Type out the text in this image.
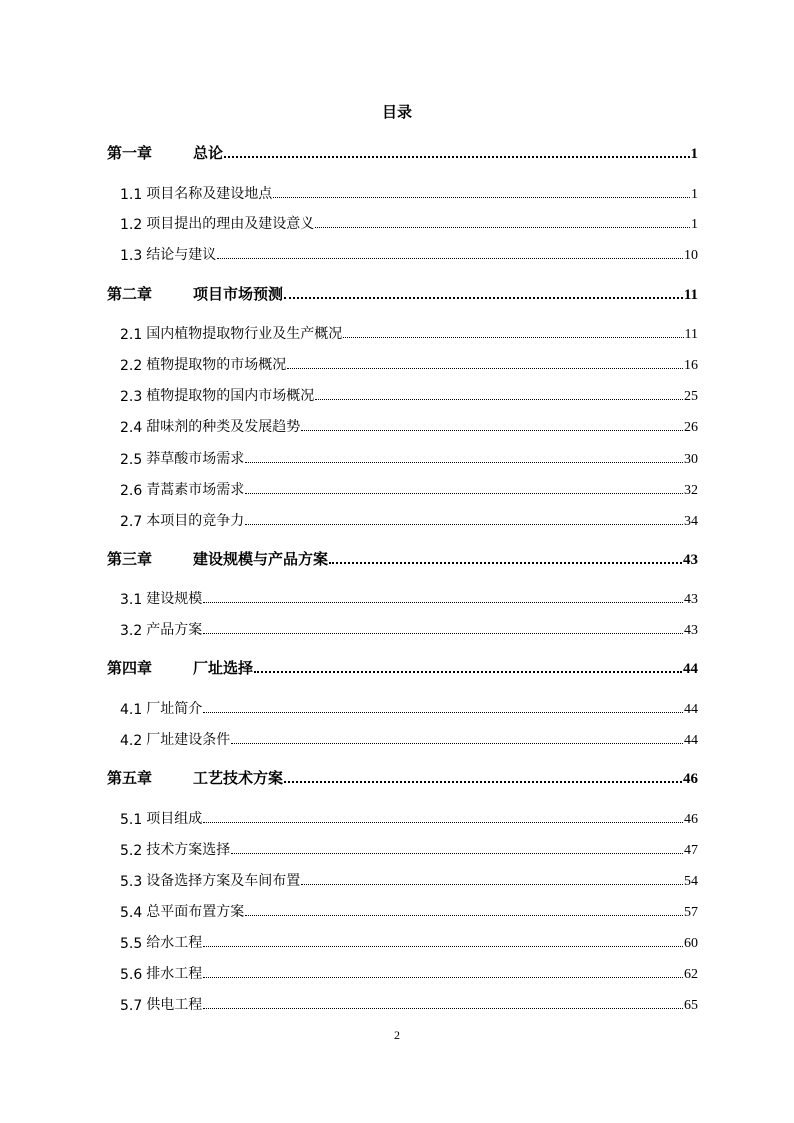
目录
第一章	总论	1
1.1 项目名称及建设地点	1
1.2 项目提出的理由及建设意义	1
1.3 结论与建议	10
第二章	项目市场预测	11
2.1 国内植物提取物行业及生产概况	11
2.2 植物提取物的市场概况	16
2.3 植物提取物的国内市场概况	25
2.4 甜味剂的种类及发展趋势	26
2.5 莽草酸市场需求	30
2.6 青蒿素市场需求	32
2.7 本项目的竞争力	34
第三章	建设规模与产品方案	43
3.1 建设规模	43
3.2 产品方案	43
第四章	厂址选择	44
4.1 厂址简介	44
4.2 厂址建设条件	44
第五章	工艺技术方案	46
5.1 项目组成	46
5.2 技术方案选择	47
5.3 设备选择方案及车间布置	54
5.4 总平面布置方案	57
5.5 给水工程	60
5.6 排水工程	62
5.7 供电工程	65
2
